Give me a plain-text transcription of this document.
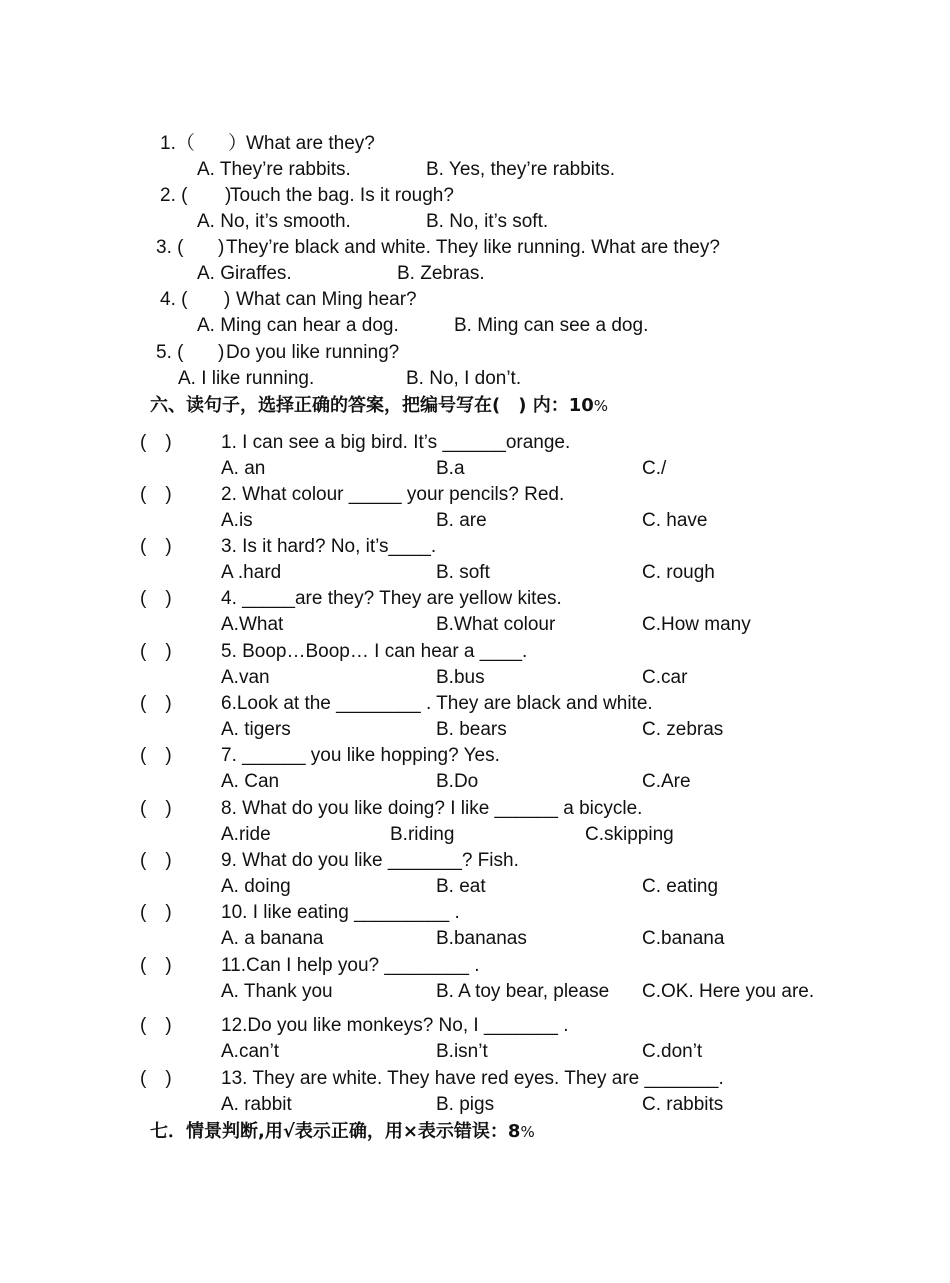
1.（ ）
What are they?
A. They’re rabbits.	B. Yes, they’re rabbits.
2. ( )
Touch the bag. Is it rough?
A. No, it’s smooth.	B. No, it’s soft.
3. ( ) They’re black and white. They like running. What are they?
A. Giraffes.	B. Zebras.
4. ( ) What can Ming hear?
A. Ming can hear a dog.	B. Ming can see a dog.
5. ( ) Do you like running?
A. I like running.	B. No, I don’t.
六、读句子，选择正确的答案，把编号写在(　) 内：10%
(　)	1. I can see a big bird. It’s ______orange.
A. an	B.a	C./
(　)	2. What colour _____ your pencils? Red.
A.is	B. are	C. have
(　)	3. Is it hard? No, it’s____.
A .hard	B. soft	C. rough
(　)	4. _____are they? They are yellow kites.
A.What	B.What colour	C.How many
(　)	5. Boop…Boop… I can hear a ____.
A.van	B.bus	C.car
(　)	6.Look at the ________ . They are black and white.
A. tigers	B. bears	C. zebras
(　)	7. ______ you like hopping? Yes.
A. Can	B.Do	C.Are
(　)	8. What do you like doing? I like ______ a bicycle.
A.ride	B.riding	C.skipping
(　)	9. What do you like _______? Fish.
A. doing	B. eat	C. eating
(　)	10. I like eating _________ .
A. a banana	B.bananas	C.banana
(　)	11.Can I help you? ________ .
A. Thank you	B. A toy bear, please C.OK. Here you are.
(　)	12.Do you like monkeys? No, I _______ .
A.can’t	B.isn’t	C.don’t
(　)	13. They are white. They have red eyes. They are _______.
A. rabbit	B. pigs	C. rabbits
七．情景判断,用√表示正确，用×表示错误：8%
